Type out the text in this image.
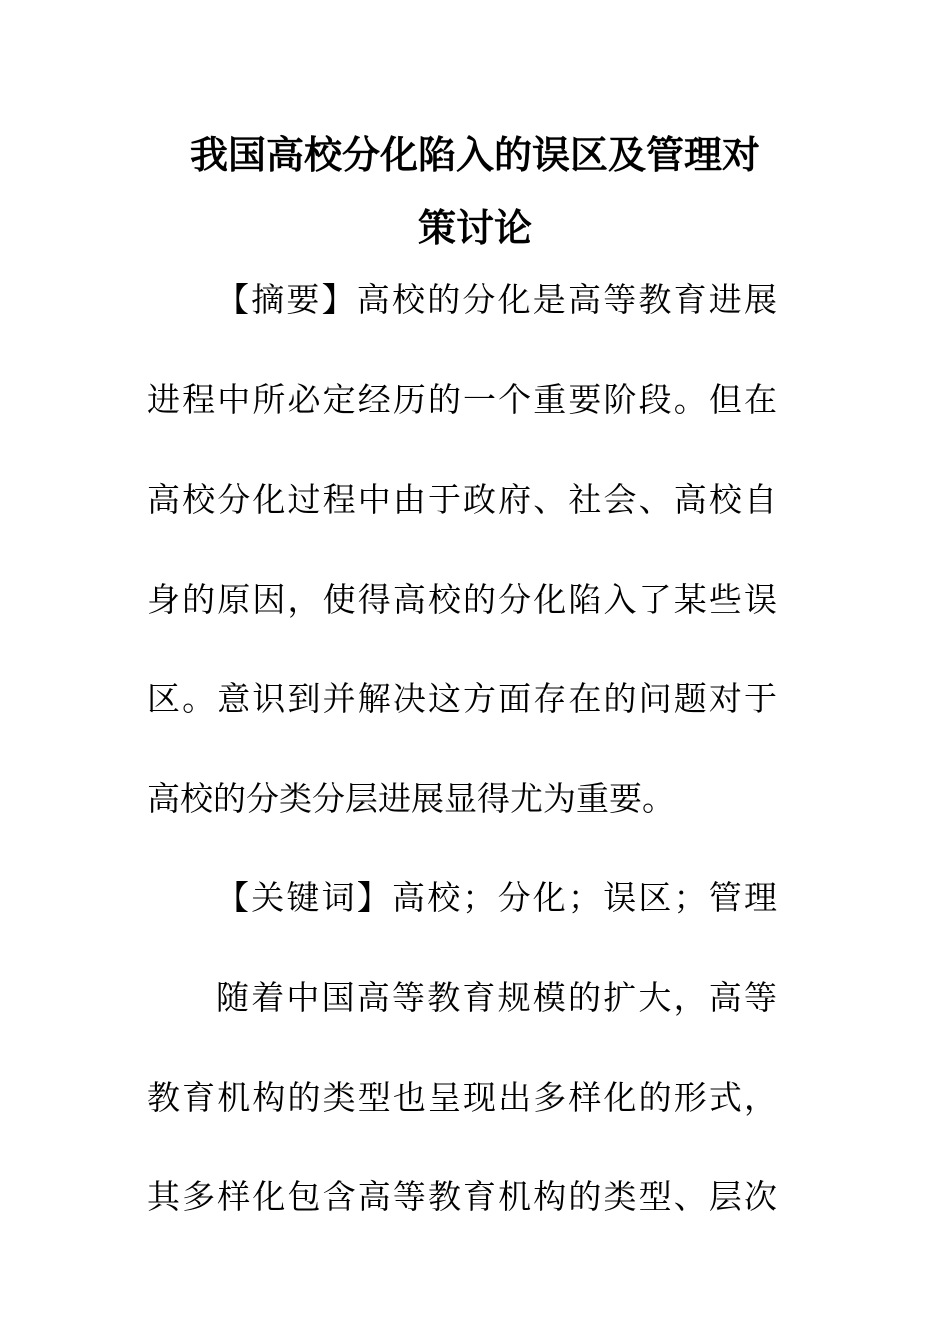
我国高校分化陷入的误区及管理对
策讨论
【摘要】高校的分化是高等教育进展
进程中所必定经历的一个重要阶段。但在
高校分化过程中由于政府、社会、高校自
身的原因，使得高校的分化陷入了某些误
区。意识到并解决这方面存在的问题对于
高校的分类分层进展显得尤为重要。
【关键词】高校；分化；误区；管理
随着中国高等教育规模的扩大，高等
教育机构的类型也呈现出多样化的形式，
其多样化包含高等教育机构的类型、层次
